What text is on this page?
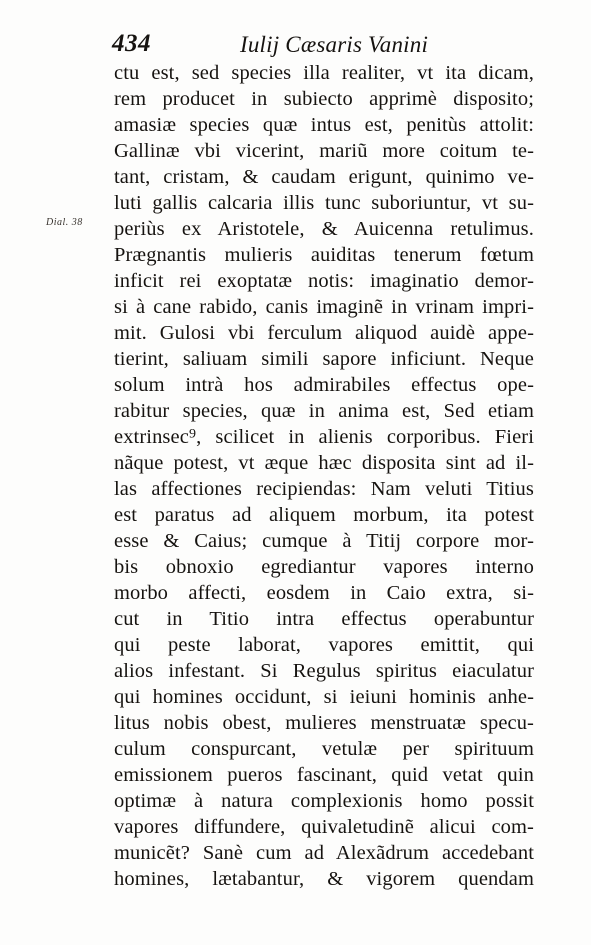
434	Iulij Cæsaris Vanini
Dial. 38
ctu est, sed species illa realiter, vt ita dicam,
rem producet in subiecto apprimè dispositο;
amasiæ species quæ intus est, penitùs attolit:
Gallinæ vbi vicerint, mariũ more coitum te-
tant, cristam, & caudam erigunt, quinimo ve-
luti gallis calcaria illis tunc suboriuntur, vt su-
periùs ex Aristotele, & Auicenna retulimus.
Prægnantis mulieris auiditas tenerum fœtum
inficit rei exoptatæ notis: imaginatio demor-
si à cane rabido, canis imaginẽ in vrinam impri-
mit. Gulosi vbi ferculum aliquod auidè appe-
tierint, saliuam simili sapore inficiunt. Neque
solum intrà hos admirabiles effectus ope-
rabitur species, quæ in anima est, Sed etiam
extrinsec⁹, scilicet in alienis corporibus. Fieri
nãque potest, vt æque hæc disposita sint ad il-
las affectiones recipiendas: Nam veluti Titius
est paratus ad aliquem morbum, ita potest
esse & Caius; cumque à Titij corpore mor-
bis obnoxio egrediantur vapores interno
morbo affecti, eosdem in Caio extra, si-
cut in Titio intra effectus operabuntur
qui peste laborat, vapores emittit, qui
alios infestant. Si Regulus spiritus eiaculatur
qui homines occidunt, si ieiuni hominis anhe-
litus nobis obest, mulieres menstruatæ specu-
culum conspurcant, vetulæ per spirituum
emissionem pueros fascinant, quid vetat quin
optimæ à natura complexionis homo possit
vapores diffundere, quivaletudinẽ alicui com-
municẽt? Sanè cum ad Alexãdrum accedebant
homines, lætabantur, & vigorem quendam
